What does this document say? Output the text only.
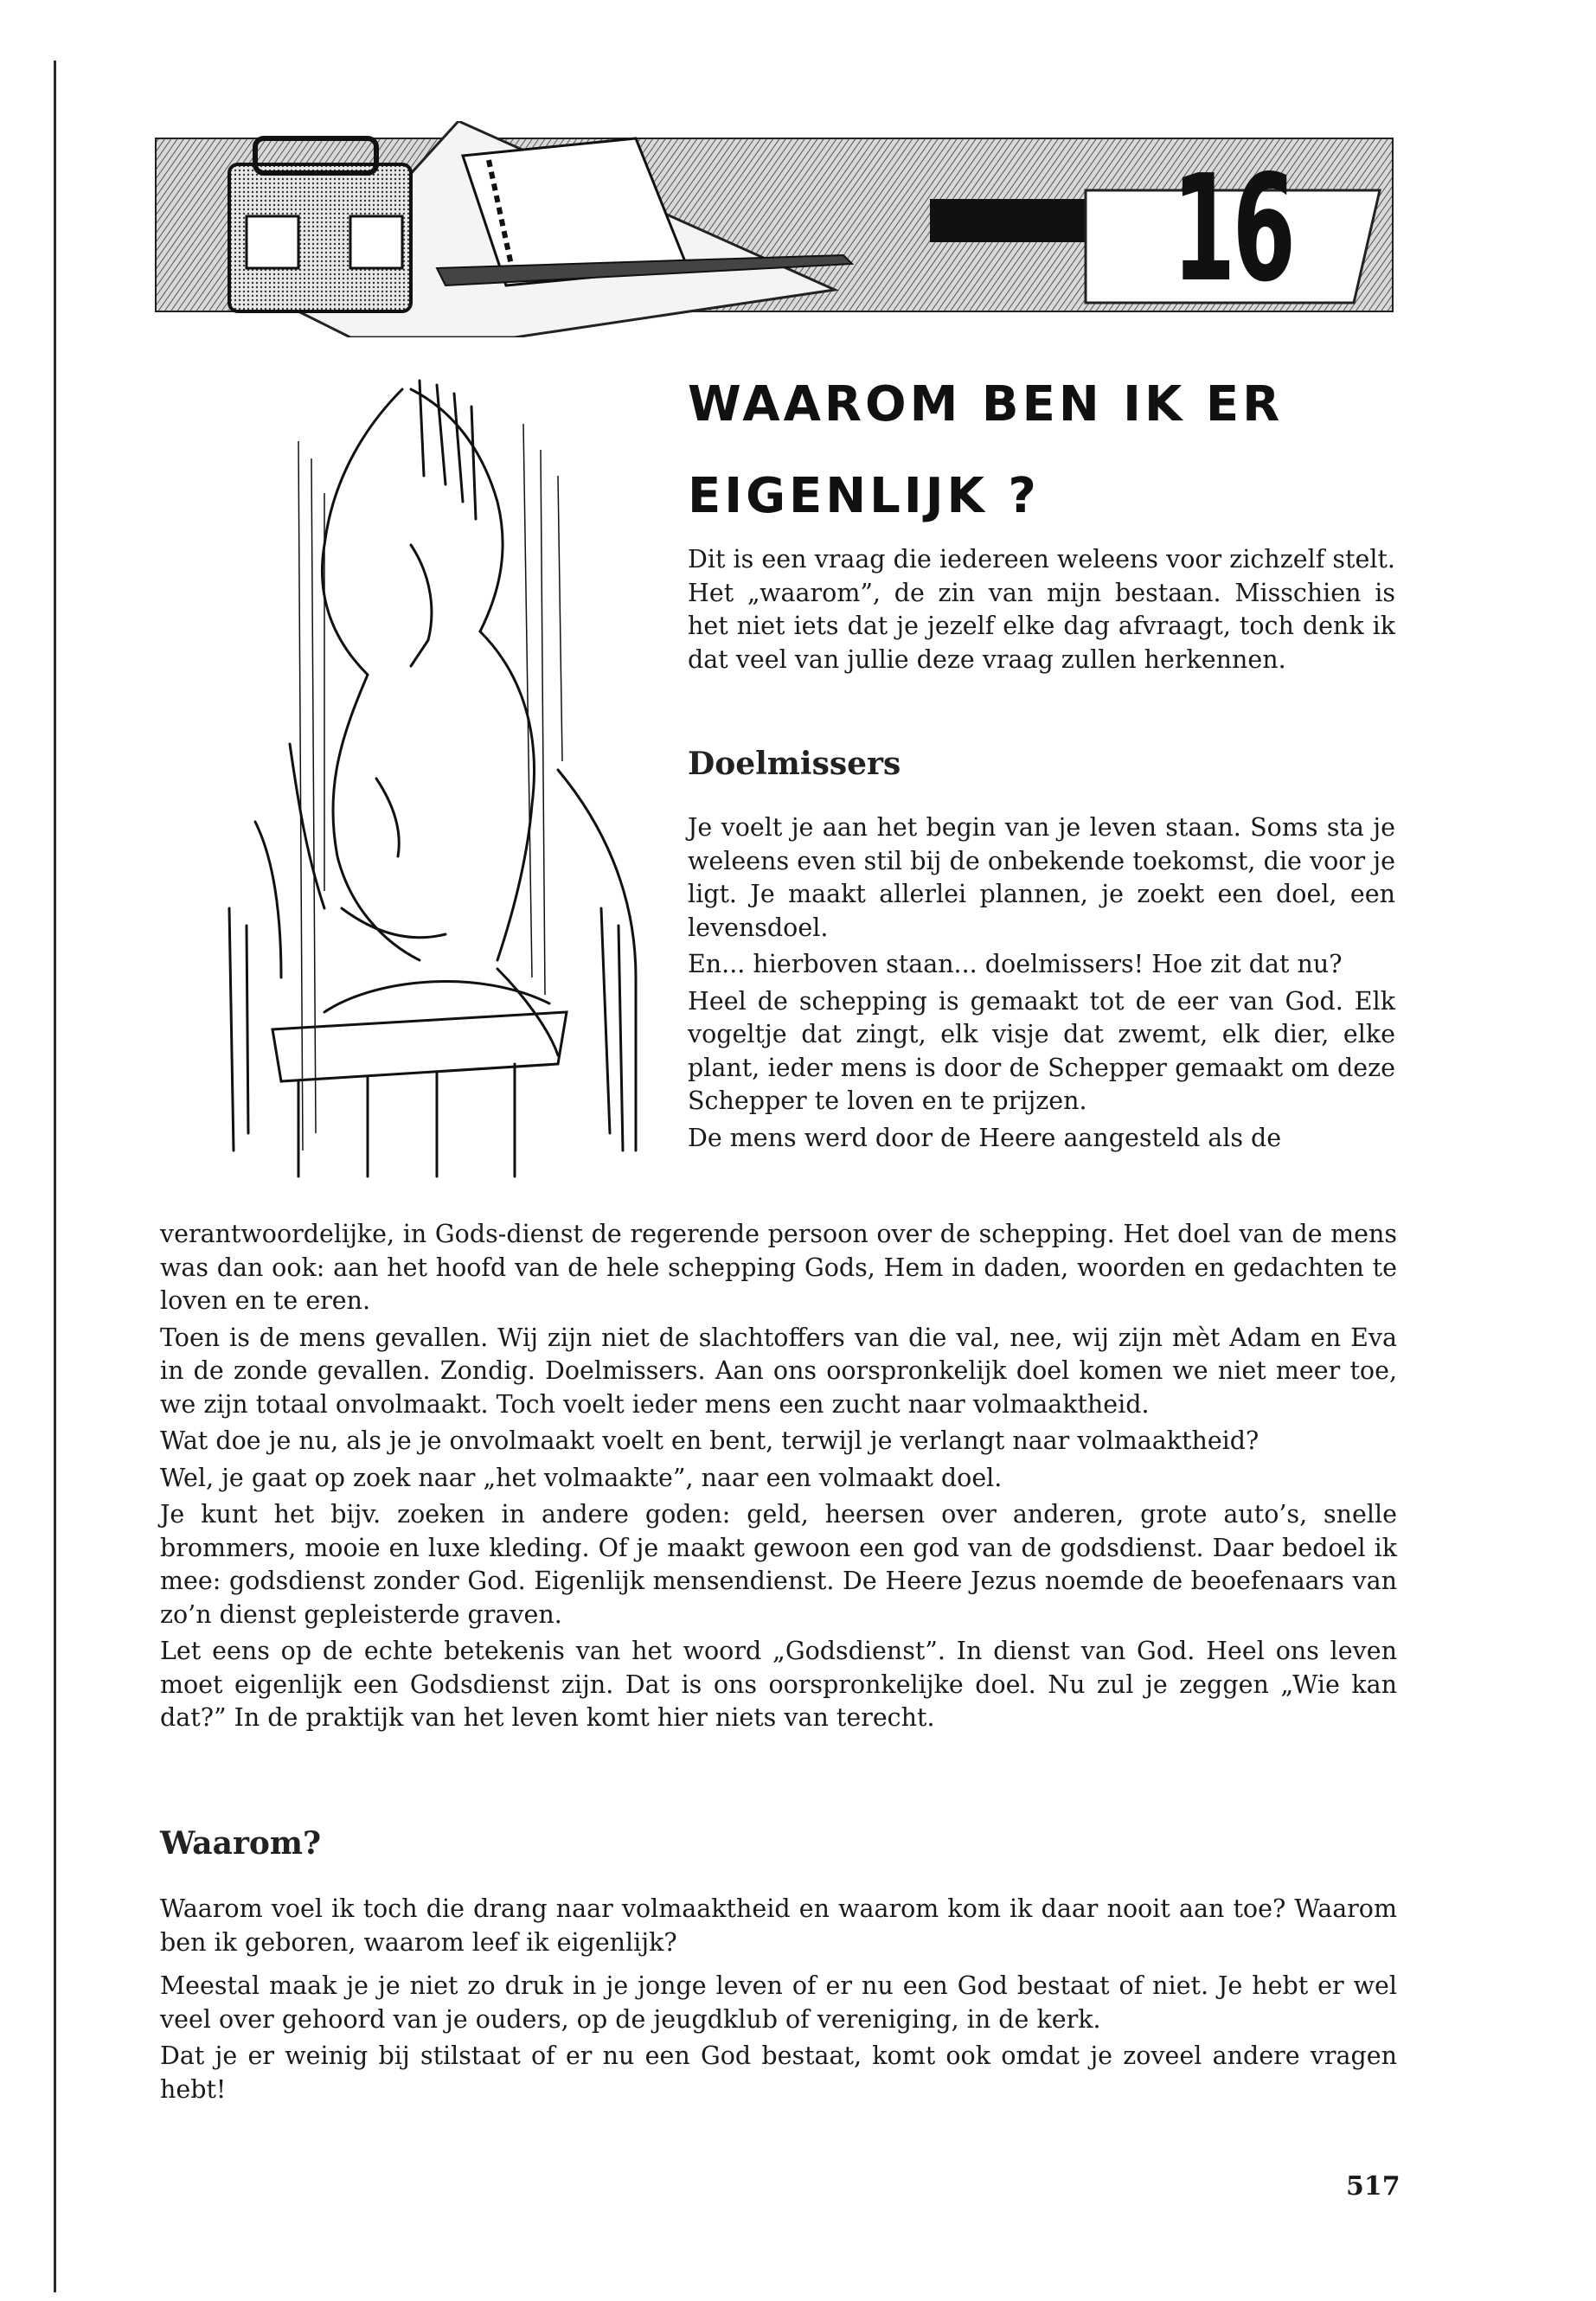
16
WAAROM BEN IK ER
EIGENLIJK ?

Dit is een vraag die iedereen weleens voor zichzelf stelt. Het „waarom”, de zin van mijn bestaan. Misschien is het niet iets dat je jezelf elke dag afvraagt, toch denk ik dat veel van jullie deze vraag zullen herkennen.

Doelmissers

Je voelt je aan het begin van je leven staan. Soms sta je weleens even stil bij de onbekende toekomst, die voor je ligt. Je maakt allerlei plannen, je zoekt een doel, een levensdoel.

En... hierboven staan... doelmissers! Hoe zit dat nu?

Heel de schepping is gemaakt tot de eer van God. Elk vogeltje dat zingt, elk visje dat zwemt, elk dier, elke plant, ieder mens is door de Schepper gemaakt om deze Schepper te loven en te prijzen.

De mens werd door de Heere aangesteld als de

verantwoordelijke, in Gods-dienst de regerende persoon over de schepping. Het doel van de mens was dan ook: aan het hoofd van de hele schepping Gods, Hem in daden, woorden en gedachten te loven en te eren.

Toen is de mens gevallen. Wij zijn niet de slachtoffers van die val, nee, wij zijn mèt Adam en Eva in de zonde gevallen. Zondig. Doelmissers. Aan ons oorspronkelijk doel komen we niet meer toe, we zijn totaal onvolmaakt. Toch voelt ieder mens een zucht naar volmaaktheid.

Wat doe je nu, als je je onvolmaakt voelt en bent, terwijl je verlangt naar volmaaktheid?

Wel, je gaat op zoek naar „het volmaakte”, naar een volmaakt doel.

Je kunt het bijv. zoeken in andere goden: geld, heersen over anderen, grote auto’s, snelle brommers, mooie en luxe kleding. Of je maakt gewoon een god van de godsdienst. Daar bedoel ik mee: godsdienst zonder God. Eigenlijk mensendienst. De Heere Jezus noemde de beoefenaars van zo’n dienst gepleisterde graven.

Let eens op de echte betekenis van het woord „Godsdienst”. In dienst van God. Heel ons leven moet eigenlijk een Godsdienst zijn. Dat is ons oorspronkelijke doel. Nu zul je zeggen „Wie kan dat?” In de praktijk van het leven komt hier niets van terecht.

Waarom?

Waarom voel ik toch die drang naar volmaaktheid en waarom kom ik daar nooit aan toe? Waarom ben ik geboren, waarom leef ik eigenlijk?

Meestal maak je je niet zo druk in je jonge leven of er nu een God bestaat of niet. Je hebt er wel veel over gehoord van je ouders, op de jeugdklub of vereniging, in de kerk.

Dat je er weinig bij stilstaat of er nu een God bestaat, komt ook omdat je zoveel andere vragen hebt!

517
